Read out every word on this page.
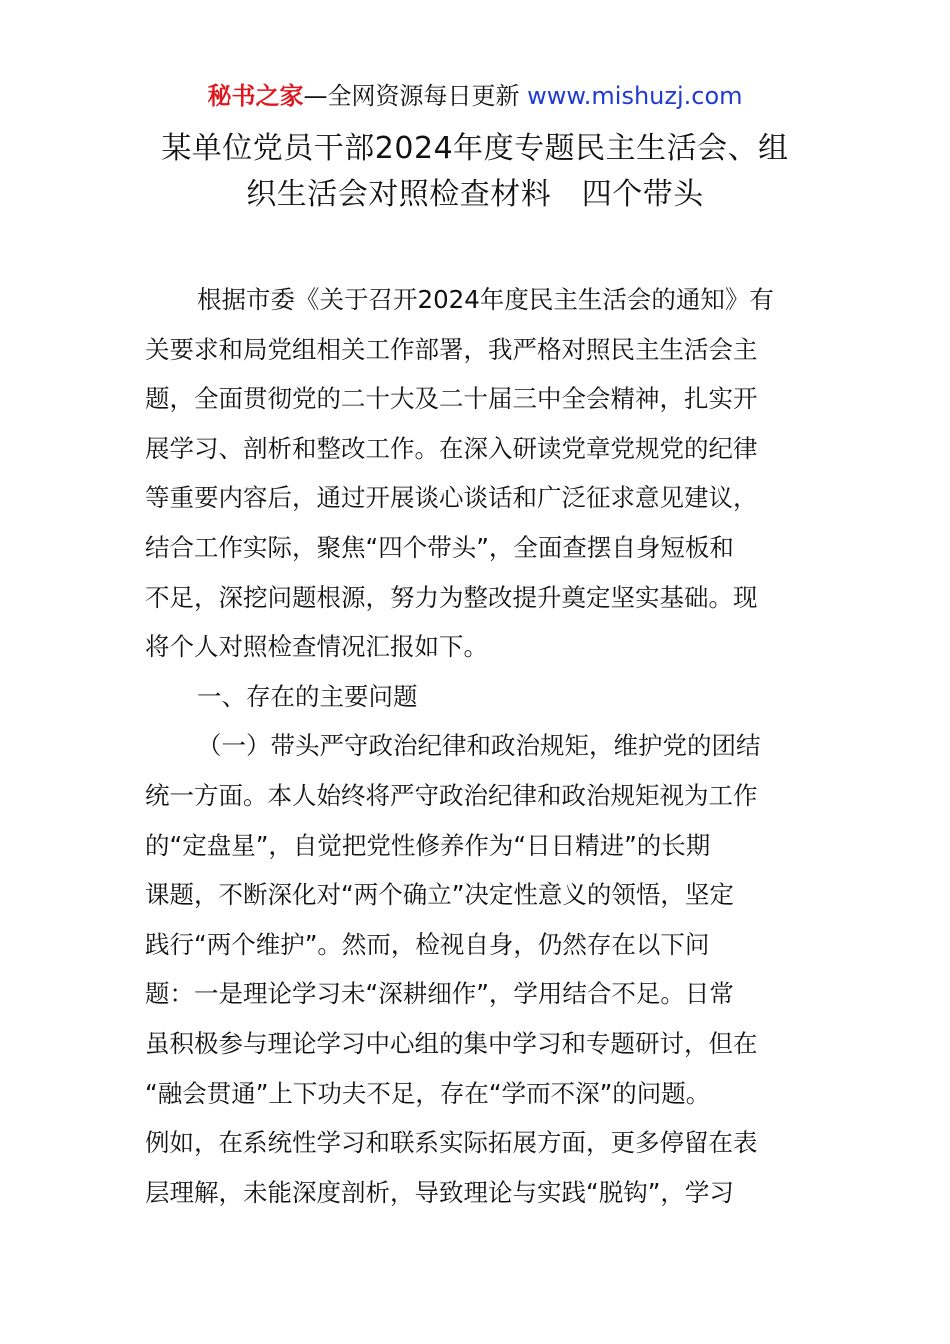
秘书之家—全网资源每日更新 www.mishuzj.com
某单位党员干部2024年度专题民主生活会、组
织生活会对照检查材料　四个带头
根据市委《关于召开2024年度民主生活会的通知》有
关要求和局党组相关工作部署，我严格对照民主生活会主
题，全面贯彻党的二十大及二十届三中全会精神，扎实开
展学习、剖析和整改工作。在深入研读党章党规党的纪律
等重要内容后，通过开展谈心谈话和广泛征求意见建议，
结合工作实际，聚焦“四个带头”，全面查摆自身短板和
不足，深挖问题根源，努力为整改提升奠定坚实基础。现
将个人对照检查情况汇报如下。
一、存在的主要问题
（一）带头严守政治纪律和政治规矩，维护党的团结
统一方面。本人始终将严守政治纪律和政治规矩视为工作
的“定盘星”，自觉把党性修养作为“日日精进”的长期
课题，不断深化对“两个确立”决定性意义的领悟，坚定
践行“两个维护”。然而，检视自身，仍然存在以下问
题：一是理论学习未“深耕细作”，学用结合不足。日常
虽积极参与理论学习中心组的集中学习和专题研讨，但在
“融会贯通”上下功夫不足，存在“学而不深”的问题。
例如，在系统性学习和联系实际拓展方面，更多停留在表
层理解，未能深度剖析，导致理论与实践“脱钩”，学习
